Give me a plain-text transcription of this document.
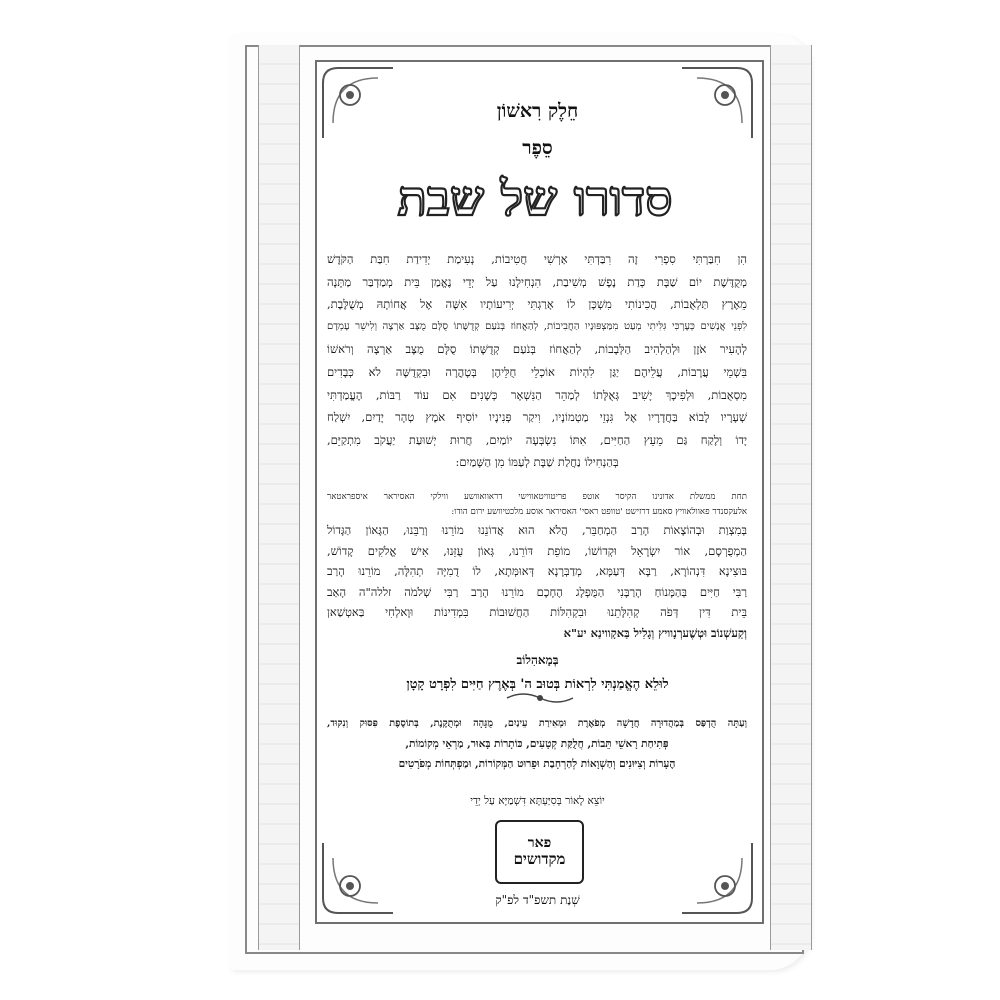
חֵלֶק רִאשׁוֹן
סֵפֶר
סדורו של שבת
הִן חִבַּרְתִּי סִפְרִי זֶה רִבַּדְתִּי אַרְשִׁי חֲטִיבוֹת, נְעִימַת יְדִידַת חִבַּת הַקֹּדֶשׁ
מְקֻדֶּשֶׁת יוֹם שַׁבָּת כְּדַת נֶפֶשׁ מְשִׁיבַת, הִנְחִילָנוּ עַל יְדֵי נֶאֱמַן בֵּית מְמַדְבַּר מַתָּנָה
מֵאֶרֶץ תַּלְאֻבוֹת, הֲכִינוֹתִי מִשְׁכָּן לוֹ אָרַגְתִּי יְרִיעוֹתָיו אִשָּׁה אֶל אֲחוֹתָהּ מְשֻׁלֶּבֶת,
לִפְנֵי אֲנָשִׁים כְּעֶרְכִּי גִּלִּיתִי מְעַט מִמַּצְפּוּנָיו הַחֲבִיבוֹת, לְהַאֲחוֹז בְּנֹעַם קְדֻשָּׁתוֹ סֻלָּם מֻצָּב אַרְצָה וְלִישֵׁר עָמְדָם
לְהָעִיר אֹזֶן וּלְהַלְהִיב הַלְּבָבוֹת, לְהַאֲחוֹז בְּנֹעַם קְדֻשָּׁתוֹ סֻלָּם מֻצָּב אַרְצָה וְרֹאשׁוֹ
בִּשְׁמֵי עֲרָבוֹת, עֲלֵיהֶם יַגַּן לִהְיוֹת אוֹכְלֵי חֻלֵּיהֶן בְּטָהֳרָה וּבִקְדֻשָּׁה לֹא כְּבָדִים
מִסְאֻבוֹת, וּלְפִיכָךְ יָשִׁיב גְּאֻלָּתוֹ לְמַהֵר הַנִּשְׁאָר כְּשָׁנִים אִם עוֹד רַבּוֹת, הֶעֱמַדְתִּי
שְׁעָרָיו לָבוֹא בַּחֲדָרָיו אֶל גִּנְזֵי מַטְמוֹנָיו, וִיקַר פְּנִינָיו יוֹסִיף אֹמֶץ טְהָר יָדַיִם, יִשְׁלַח
יָדוֹ וְלָקַח גַּם מֵעֵץ הַחַיִּים, אִתּוֹ נִשְׂבְּעָה יוֹמַיִם, חֲרוּת יְשׁוּעַת יַעֲקֹב מִתְקַיֵּם,
בְּהַנְחִילוֹ נַחֲלַת שַׁבָּת לְעַמּוֹ מִן הַשָּׁמַיִם:
תחת ממשלת אדונינו הקיסר אוטפ פריטוויטאווישי דראוואוושע ווילקי האסיראר איספראטאר
אלעקסנדר פאוולאוויץ סאמע דרזישט 'טוופט ראסי' האסיראר אוסע מלכטיוושע ירום הודו:
בְּמִצְוַת וּבְהוֹצָאוֹת הָרַב הַמְחַבֵּר, הֲלֹא הוּא אֲדוֹנֵנוּ מוֹרֵנוּ וְרַבֵּנוּ, הַגָּאוֹן הַגָּדוֹל
הַמְפֻרְסָם, אוֹר יִשְׂרָאֵל וּקְדוֹשׁוֹ, מוֹפֵת דּוֹרֵנוּ, גְּאוֹן עֻזֵּנוּ, אִישׁ אֱלֹקִים קָדוֹשׁ,
בּוּצִינָא דִּנְהוֹרָא, רַבָּא דְּעַמָּא, מְדַבְּרָנָא דְּאוּמְּתָא, לוֹ דֻמִיָּה תְהִלָּה, מוֹרֵנוּ הָרַב
רַבִּי חַיִּים בְּהַמָּנוֹחַ הָרַבָּנִי הַמֻּפְלָג הֶחָכָם מוֹרֵנוּ הָרַב רַבִּי שְׁלֹמֹה זללה"ה הָאַב
בֵּית דִּין דְּפֹה קְהִלָּתֵנוּ וּבִקְהִלּוֹת הַחֲשׁוּבוֹת בִּמְדִינוֹת וּוָאלְחִי בַּאטְשַׁאן
וְקַעשְׁנוֹב וּטְשֶׁערְנָוויץ וְגָלִיל בַּאקָווינַא יע"א
בְּמָאהִלוֹב
לוּלֵא הֶאֱמַנְתִּי לִרְאוֹת בְּטוּב ה' בְּאֶרֶץ חַיִּים לִפְרָט קָטָן
וְעַתָּה הֻדְפַּס בְּמַהֲדוּרָה חֲדָשָׁה מְפֹאֶרֶת וּמְאִירַת עֵינַיִם, מֻגָּהָה וּמְתֻקֶּנֶת, בְּתוֹסֶפֶת פִּסּוּק וְנִקּוּד,
פְּתִיחַת רָאשֵׁי תֵּבוֹת, חֲלֻקַּת קְטָעִים, כּוֹתָרוֹת בָּאוּר, מַרְאֵי מְקוֹמוֹת,
הֶעָרוֹת וְצִיּוּנִים וְהַשְׁוָאוֹת לְהַרְחָבַת וּפֵרוּט הַמְּקוֹרוֹת, וּמַפְתְּחוֹת מְפֹרָטִים
יוֹצֵא לָאוֹר בְּסִיַּעְתָּא דִּשְׁמַיָּא עַל יְדֵי
פאר
מקדושים
שְׁנַת תשפ"ד לפ"ק
